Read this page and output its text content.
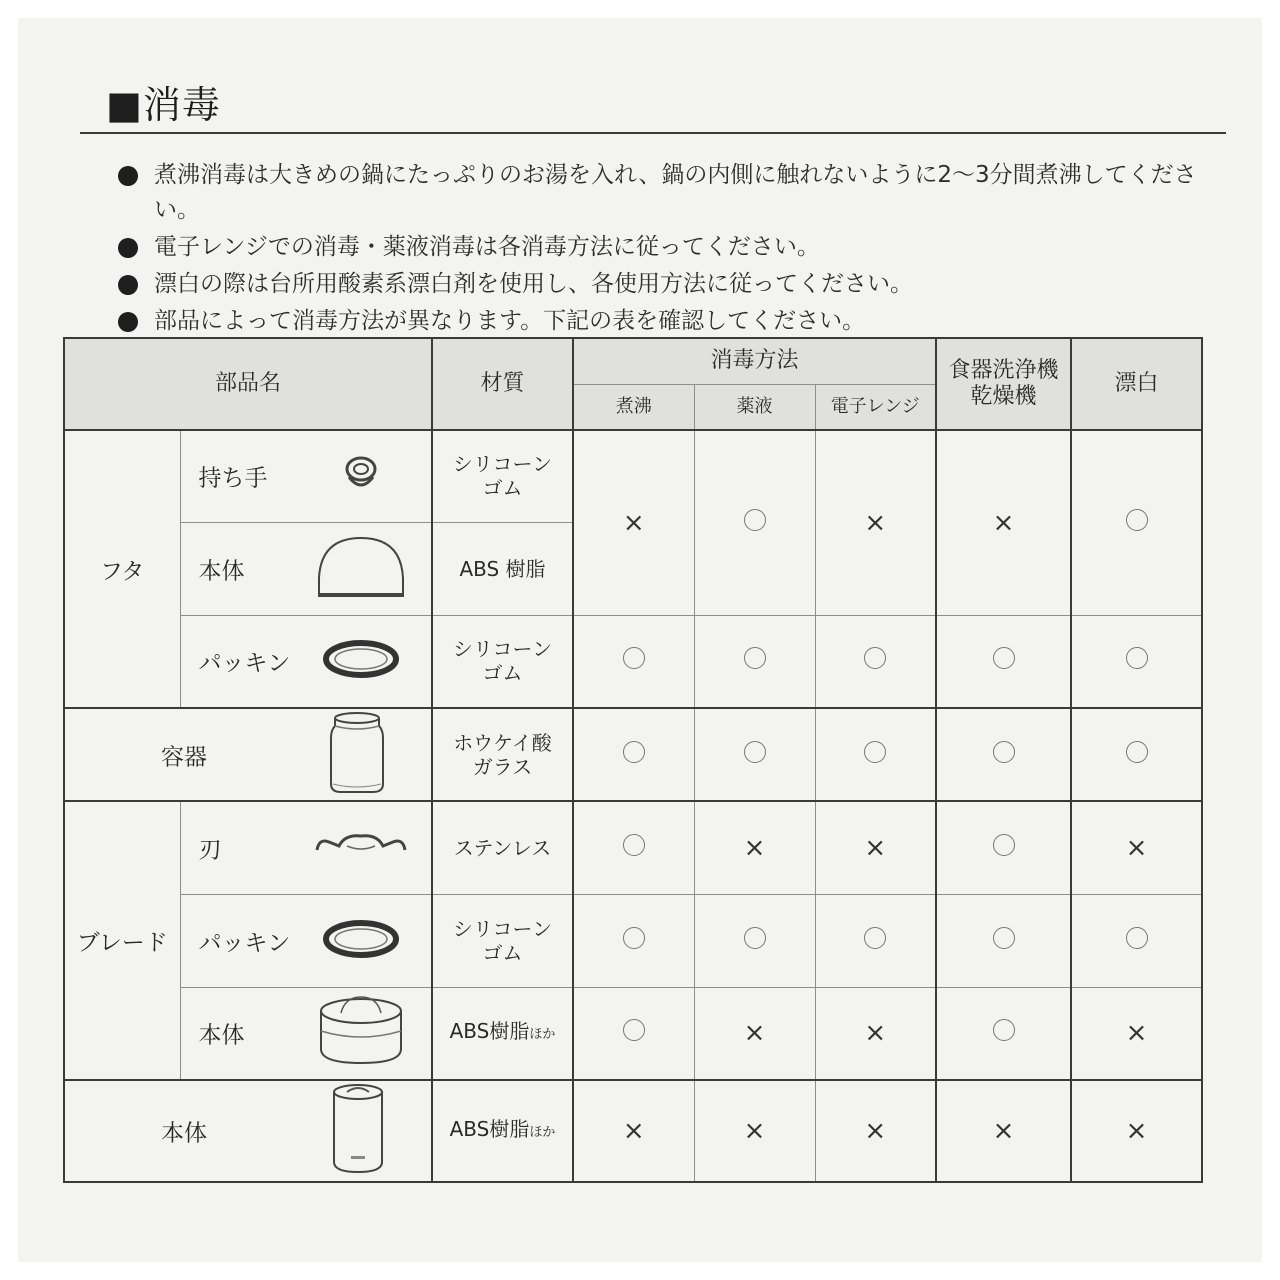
■消毒
煮沸消毒は大きめの鍋にたっぷりのお湯を入れ、鍋の内側に触れないように2～3分間煮沸してください。
電子レンジでの消毒・薬液消毒は各消毒方法に従ってください。
漂白の際は台所用酸素系漂白剤を使用し、各使用方法に従ってください。
部品によって消毒方法が異なります。下記の表を確認してください。
部品名		材質	消毒方法			食器洗浄機乾燥機	漂白
			煮沸	薬液	電子レンジ		
フタ	持ち手	シリコーンゴム	×		×	×	

	本体	ABS 樹脂					

	パッキン	シリコーンゴム					

容器		ホウケイ酸ガラス					
ブレード	刃	ステンレス		×	×		×

	パッキン	シリコーンゴム					

	本体	ABS樹脂ほか		×	×		×

本体		ABS樹脂ほか	×	×	×	×	×
